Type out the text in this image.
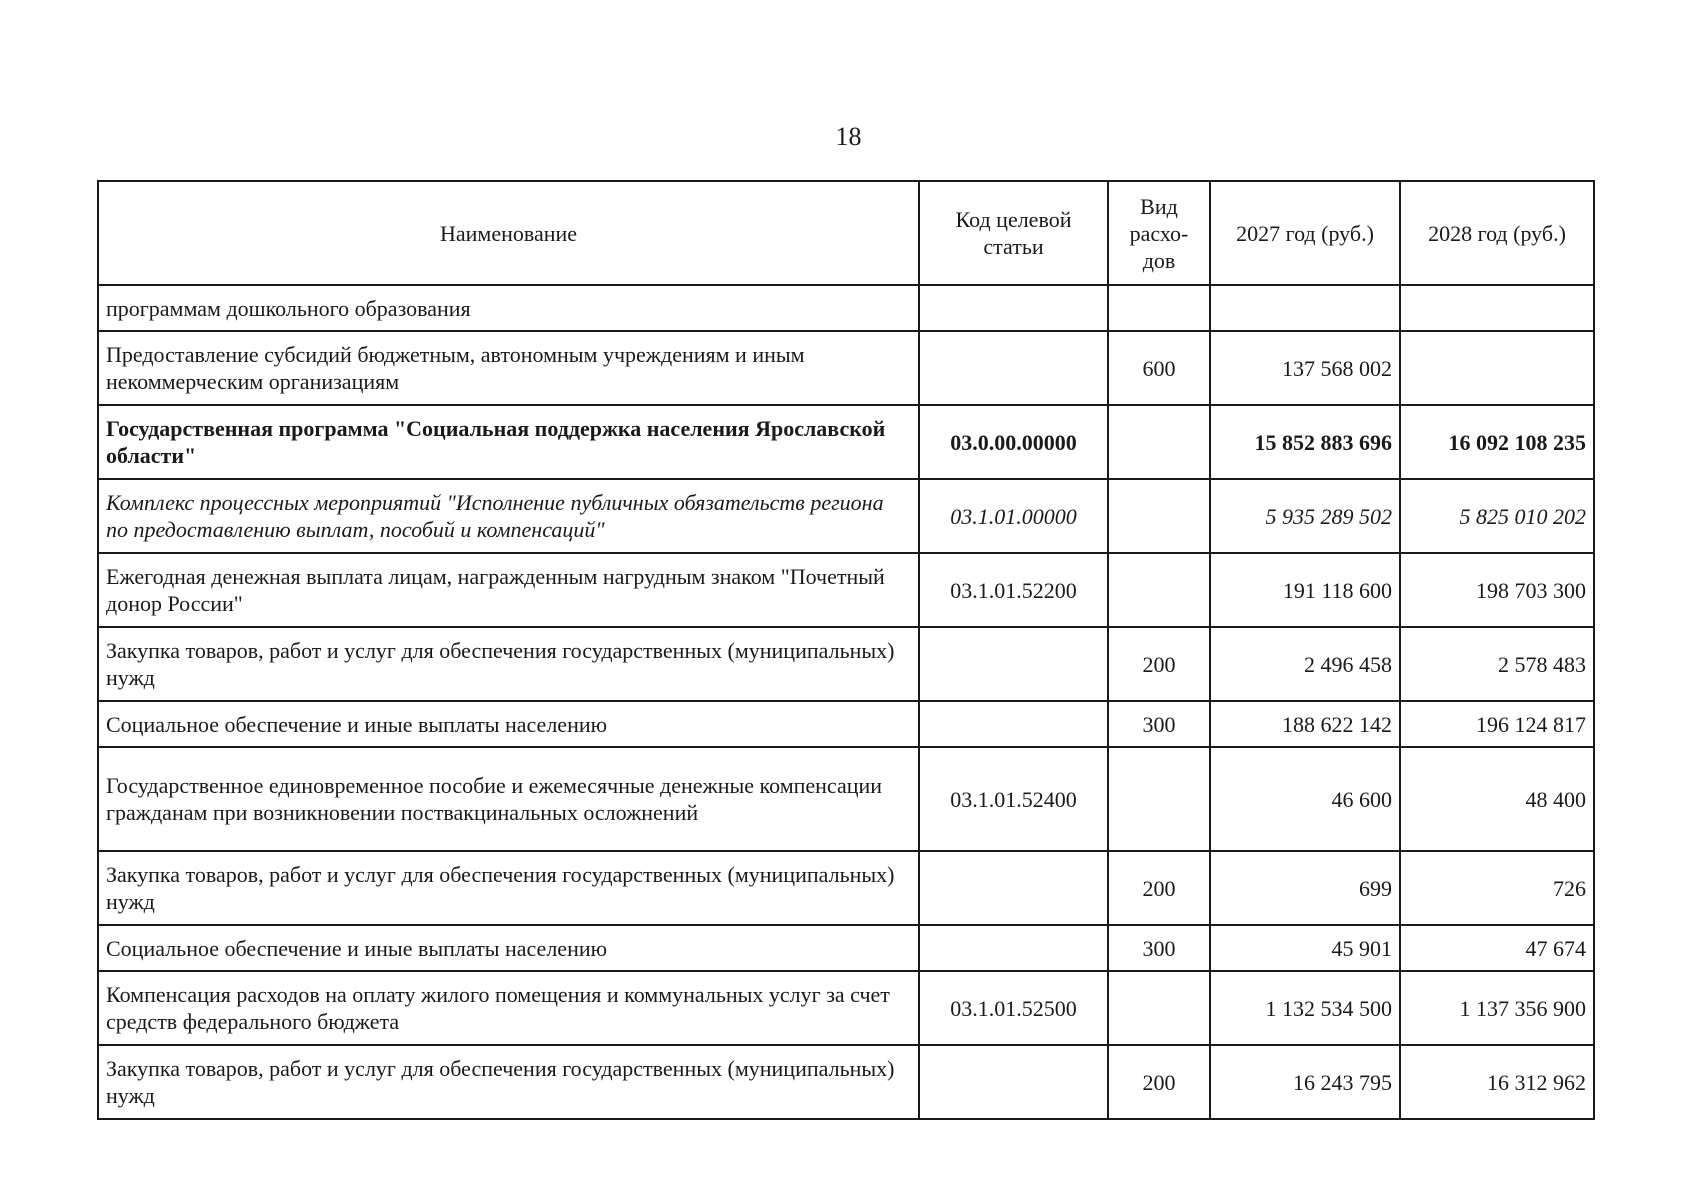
18
Наименование	Код целевой статьи	Вид расхо-дов	2027 год (руб.)	2028 год (руб.)
программам дошкольного образования				
Предоставление субсидий бюджетным, автономным учреждениям и иным некоммерческим организациям		600	137 568 002	
Государственная программа "Социальная поддержка населения Ярославской области"	03.0.00.00000		15 852 883 696	16 092 108 235
Комплекс процессных мероприятий "Исполнение публичных обязательств региона по предоставлению выплат, пособий и компенсаций"	03.1.01.00000		5 935 289 502	5 825 010 202
Ежегодная денежная выплата лицам, награжденным нагрудным знаком "Почетный донор России"	03.1.01.52200		191 118 600	198 703 300
Закупка товаров, работ и услуг для обеспечения государственных (муниципальных) нужд		200	2 496 458	2 578 483
Социальное обеспечение и иные выплаты населению		300	188 622 142	196 124 817
Государственное единовременное пособие и ежемесячные денежные компенсации гражданам при возникновении поствакцинальных осложнений	03.1.01.52400		46 600	48 400
Закупка товаров, работ и услуг для обеспечения государственных (муниципальных) нужд		200	699	726
Социальное обеспечение и иные выплаты населению		300	45 901	47 674
Компенсация расходов на оплату жилого помещения и коммунальных услуг за счет средств федерального бюджета	03.1.01.52500		1 132 534 500	1 137 356 900
Закупка товаров, работ и услуг для обеспечения государственных (муниципальных) нужд		200	16 243 795	16 312 962
